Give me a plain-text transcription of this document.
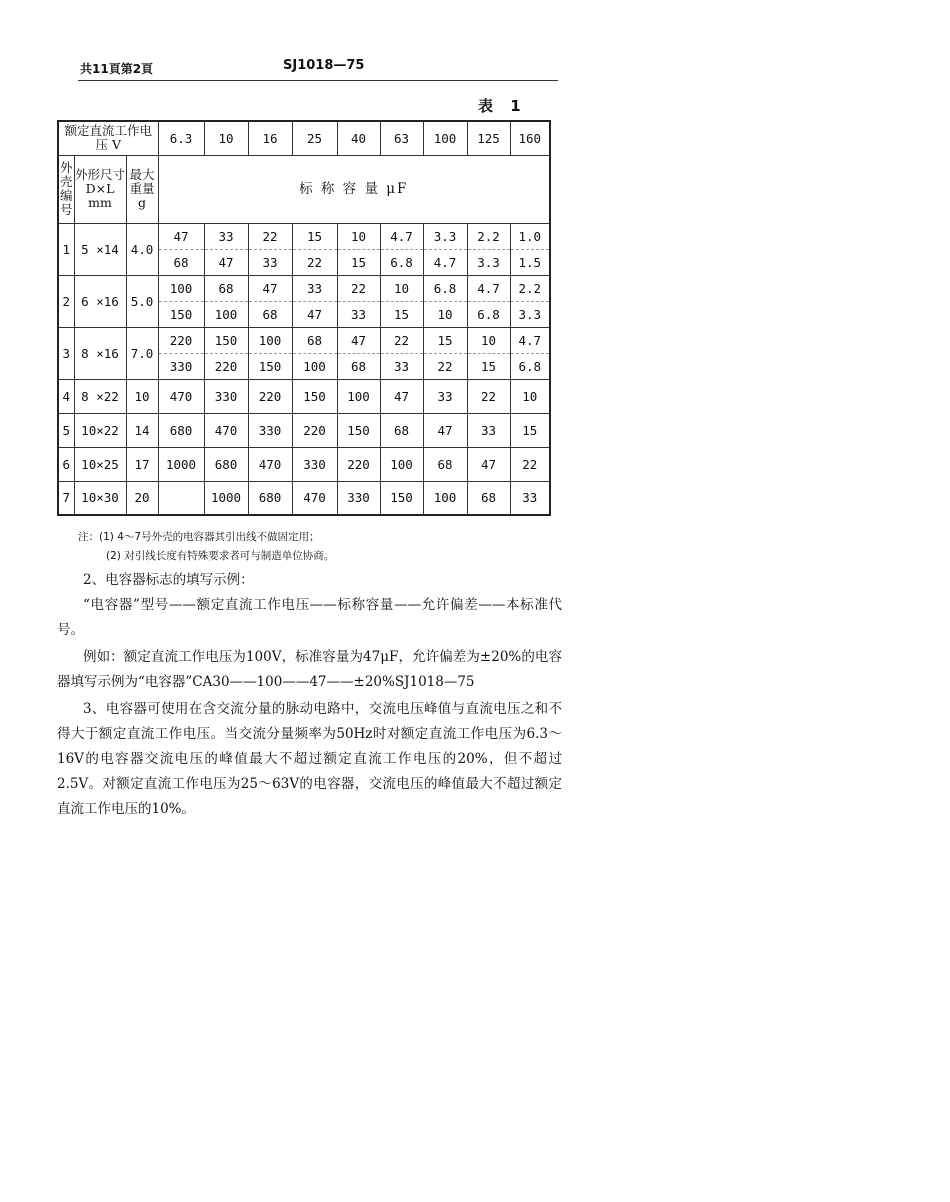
共11頁第2頁	SJ1018—75
表 1
额定直流工作电压 V			6.3	10	16	25	40	63	100	125	160
外壳编号	外形尺寸 D×L mm	最大重量 g	标 称 容 量 μF								
1	5 ×14	4.0	47	33	22	15	10	4.7	3.3	2.2	1.0
			68	47	33	22	15	6.8	4.7	3.3	1.5
2	6 ×16	5.0	100	68	47	33	22	10	6.8	4.7	2.2
			150	100	68	47	33	15	10	6.8	3.3
3	8 ×16	7.0	220	150	100	68	47	22	15	10	4.7
			330	220	150	100	68	33	22	15	6.8
4	8 ×22	10	470	330	220	150	100	47	33	22	10
5	10×22	14	680	470	330	220	150	68	47	33	15
6	10×25	17	1000	680	470	330	220	100	68	47	22
7	10×30	20		1000	680	470	330	150	100	68	33
注：(1) 4～7号外壳的电容器其引出线不做固定用；
(2) 对引线长度有特殊要求者可与制造单位协商。

2、电容器标志的填写示例：

“电容器”型号——额定直流工作电压——标称容量——允许偏差——本标准代号。

例如：额定直流工作电压为100V，标准容量为47μF，允许偏差为±20%的电容器填写示例为“电容器”CA30——100——47——±20%SJ1018—75

3、电容器可使用在含交流分量的脉动电路中，交流电压峰值与直流电压之和不得大于额定直流工作电压。当交流分量频率为50Hz时对额定直流工作电压为6.3～16V的电容器交流电压的峰值最大不超过额定直流工作电压的20%，但不超过2.5V。对额定直流工作电压为25～63V的电容器，交流电压的峰值最大不超过额定直流工作电压的10%。
